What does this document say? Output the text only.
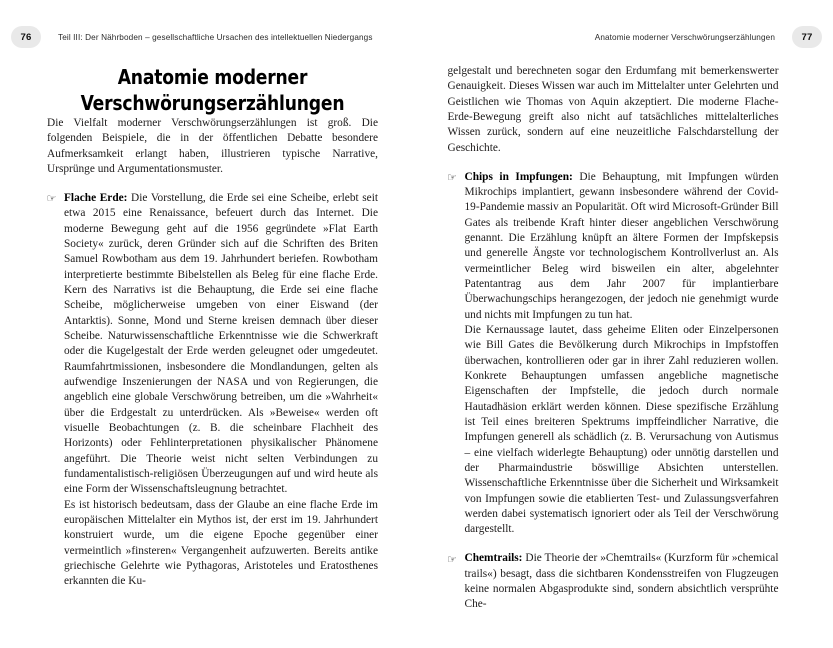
76	Teil III: Der Nährboden – gesellschaftliche Ursachen des intellektuellen Niedergangs
Anatomie moderner
Verschwörungserzählungen

Die Vielfalt moderner Verschwörungserzählungen ist groß. Die folgenden Beispiele, die in der öffentlichen Debatte besondere Aufmerksamkeit erlangt haben, illustrieren typische Narrative, Ursprünge und Argumentationsmuster.

☞ Flache Erde: Die Vorstellung, die Erde sei eine Scheibe, erlebt seit etwa 2015 eine Renaissance, befeuert durch das Internet. Die moderne Bewegung geht auf die 1956 gegründete »Flat Earth Society« zurück, deren Gründer sich auf die Schriften des Briten Samuel Rowbotham aus dem 19. Jahrhundert beriefen. Rowbotham interpretierte bestimmte Bibelstellen als Beleg für eine flache Erde. Kern des Narrativs ist die Behauptung, die Erde sei eine flache Scheibe, möglicherweise umgeben von einer Eiswand (der Antarktis). Sonne, Mond und Sterne kreisen demnach über dieser Scheibe. Naturwissenschaftliche Erkenntnisse wie die Schwerkraft oder die Kugelgestalt der Erde werden geleugnet oder umgedeutet. Raumfahrtmissionen, insbesondere die Mondlandungen, gelten als aufwendige Inszenierungen der NASA und von Regierungen, die angeblich eine globale Verschwörung betreiben, um die »Wahrheit« über die Erdgestalt zu unterdrücken. Als »Beweise« werden oft visuelle Beobachtungen (z. B. die scheinbare Flachheit des Horizonts) oder Fehlinterpretationen physikalischer Phänomene angeführt. Die Theorie weist nicht selten Verbindungen zu fundamentalistisch-religiösen Überzeugungen auf und wird heute als eine Form der Wissenschaftsleugnung betrachtet.

Es ist historisch bedeutsam, dass der Glaube an eine flache Erde im europäischen Mittelalter ein Mythos ist, der erst im 19. Jahrhundert konstruiert wurde, um die eigene Epoche gegenüber einer vermeintlich »finsteren« Vergangenheit aufzuwerten. Bereits antike griechische Gelehrte wie Pythagoras, Aristoteles und Eratosthenes erkannten die Ku-

Anatomie moderner Verschwörungserzählungen	77

gelgestalt und berechneten sogar den Erdumfang mit bemerkenswerter Genauigkeit. Dieses Wissen war auch im Mittelalter unter Gelehrten und Geistlichen wie Thomas von Aquin akzeptiert. Die moderne Flache-Erde-Bewegung greift also nicht auf tatsächliches mittelalterliches Wissen zurück, sondern auf eine neuzeitliche Falschdarstellung der Geschichte.

☞ Chips in Impfungen: Die Behauptung, mit Impfungen würden Mikrochips implantiert, gewann insbesondere während der Covid-19-Pandemie massiv an Popularität. Oft wird Microsoft-Gründer Bill Gates als treibende Kraft hinter dieser angeblichen Verschwörung genannt. Die Erzählung knüpft an ältere Formen der Impfskepsis und generelle Ängste vor technologischem Kontrollverlust an. Als vermeintlicher Beleg wird bisweilen ein alter, abgelehnter Patentantrag aus dem Jahr 2007 für implantierbare Überwachungschips herangezogen, der jedoch nie genehmigt wurde und nichts mit Impfungen zu tun hat.

Die Kernaussage lautet, dass geheime Eliten oder Einzelpersonen wie Bill Gates die Bevölkerung durch Mikrochips in Impfstoffen überwachen, kontrollieren oder gar in ihrer Zahl reduzieren wollen. Konkrete Behauptungen umfassen angebliche magnetische Eigenschaften der Impfstelle, die jedoch durch normale Hautadhäsion erklärt werden können. Diese spezifische Erzählung ist Teil eines breiteren Spektrums impffeindlicher Narrative, die Impfungen generell als schädlich (z. B. Verursachung von Autismus – eine vielfach widerlegte Behauptung) oder unnötig darstellen und der Pharmaindustrie böswillige Absichten unterstellen. Wissenschaftliche Erkenntnisse über die Sicherheit und Wirksamkeit von Impfungen sowie die etablierten Test- und Zulassungsverfahren werden dabei systematisch ignoriert oder als Teil der Verschwörung dargestellt.

☞ Chemtrails: Die Theorie der »Chemtrails« (Kurzform für »chemical trails«) besagt, dass die sichtbaren Kondensstreifen von Flugzeugen keine normalen Abgasprodukte sind, sondern absichtlich versprühte Che-
